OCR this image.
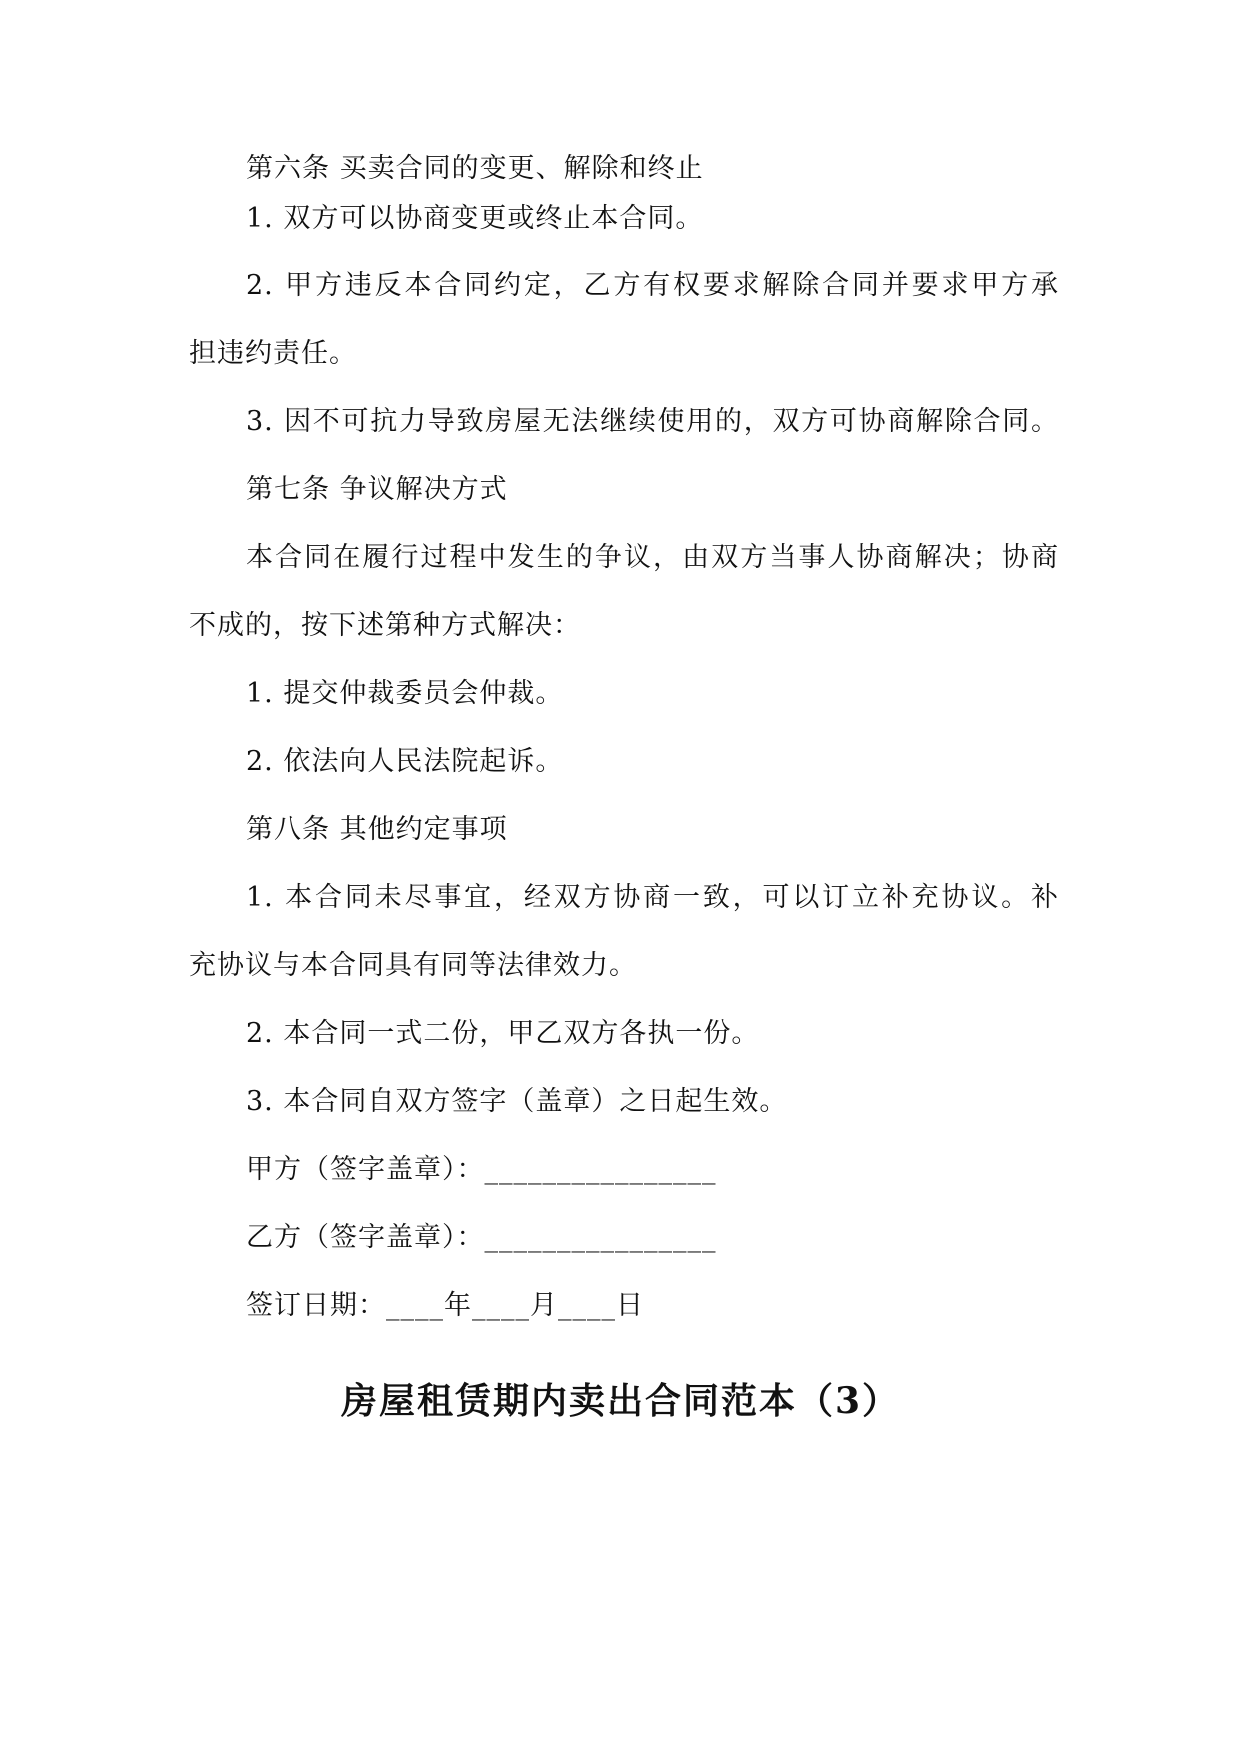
第六条 买卖合同的变更、解除和终止
1. 双方可以协商变更或终止本合同。
2. 甲方违反本合同约定，乙方有权要求解除合同并要求甲方承
担违约责任。
3. 因不可抗力导致房屋无法继续使用的，双方可协商解除合同。
第七条 争议解决方式
本合同在履行过程中发生的争议，由双方当事人协商解决；协商
不成的，按下述第种方式解决：
1. 提交仲裁委员会仲裁。
2. 依法向人民法院起诉。
第八条 其他约定事项
1. 本合同未尽事宜，经双方协商一致，可以订立补充协议。补
充协议与本合同具有同等法律效力。
2. 本合同一式二份，甲乙双方各执一份。
3. 本合同自双方签字（盖章）之日起生效。
甲方（签字盖章）：________________
乙方（签字盖章）：________________
签订日期：____年____月____日
房屋租赁期内卖出合同范本（3）
